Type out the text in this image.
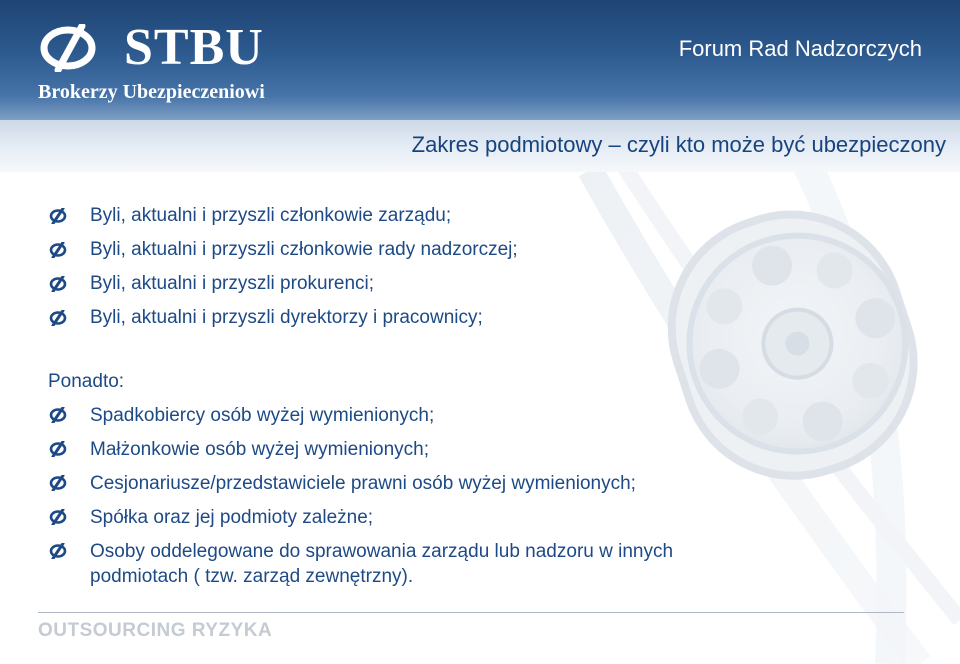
STBU
Brokerzy Ubezpieczeniowi
Forum Rad Nadzorczych
Zakres podmiotowy – czyli kto może być ubezpieczony
Byli, aktualni i przyszli członkowie zarządu;
Byli, aktualni i przyszli członkowie rady nadzorczej;
Byli, aktualni i przyszli prokurenci;
Byli, aktualni i przyszli dyrektorzy i pracownicy;
Ponadto:
Spadkobiercy osób wyżej wymienionych;
Małżonkowie osób wyżej wymienionych;
Cesjonariusze/przedstawiciele prawni osób wyżej wymienionych;
Spółka oraz jej podmioty zależne;
Osoby oddelegowane do sprawowania zarządu lub nadzoru w innych podmiotach ( tzw. zarząd zewnętrzny).
OUTSOURCING RYZYKA
